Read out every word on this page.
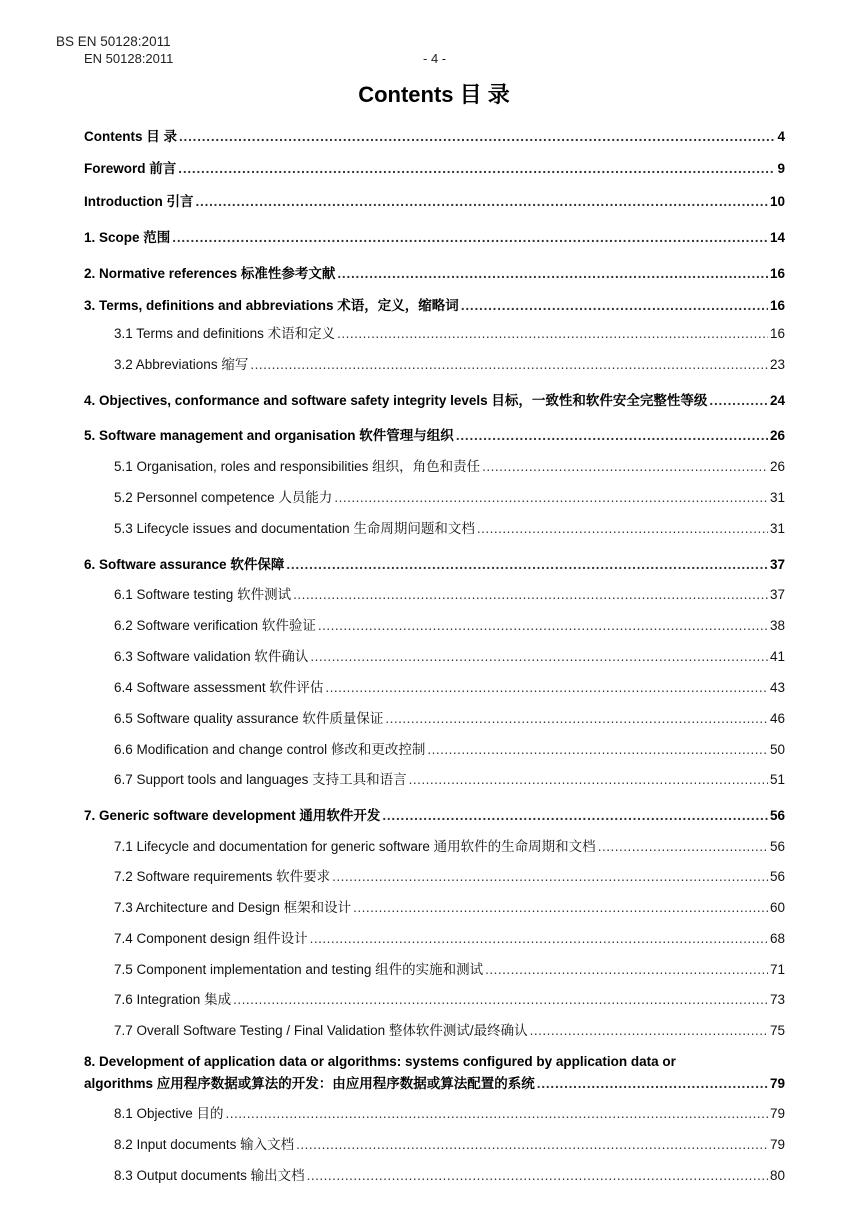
BS EN 50128:2011
EN 50128:2011	- 4 -
Contents 目 录
Contents 目 录 .....	4
Foreword 前言 .....	9
Introduction 引言 .....	10
1. Scope 范围 .....	14
2. Normative references 标准性参考文献 .....	16
3. Terms, definitions and abbreviations 术语，定义，缩略词 .....	16
3.1 Terms and definitions 术语和定义 .....	16
3.2 Abbreviations 缩写 .....	23
4. Objectives, conformance and software safety integrity levels 目标，一致性和软件安全完整性等级 .....	24
5. Software management and organisation 软件管理与组织 .....	26
5.1 Organisation, roles and responsibilities 组织，角色和责任 .....	26
5.2 Personnel competence 人员能力 .....	31
5.3 Lifecycle issues and documentation 生命周期问题和文档 .....	31
6. Software assurance 软件保障 .....	37
6.1 Software testing 软件测试 .....	37
6.2 Software verification 软件验证 .....	38
6.3 Software validation 软件确认 .....	41
6.4 Software assessment 软件评估 .....	43
6.5 Software quality assurance 软件质量保证 .....	46
6.6 Modification and change control 修改和更改控制 .....	50
6.7 Support tools and languages 支持工具和语言 .....	51
7. Generic software development 通用软件开发 .....	56
7.1 Lifecycle and documentation for generic software 通用软件的生命周期和文档 .....	56
7.2 Software requirements 软件要求 .....	56
7.3 Architecture and Design 框架和设计 .....	60
7.4 Component design 组件设计 .....	68
7.5 Component implementation and testing 组件的实施和测试 .....	71
7.6 Integration 集成 .....	73
7.7 Overall Software Testing / Final Validation 整体软件测试/最终确认 .....	75
8. Development of application data or algorithms: systems configured by application data or
algorithms 应用程序数据或算法的开发：由应用程序数据或算法配置的系统 .....	79
8.1 Objective 目的 .....	79
8.2 Input documents 输入文档 .....	79
8.3 Output documents 输出文档 .....	80
